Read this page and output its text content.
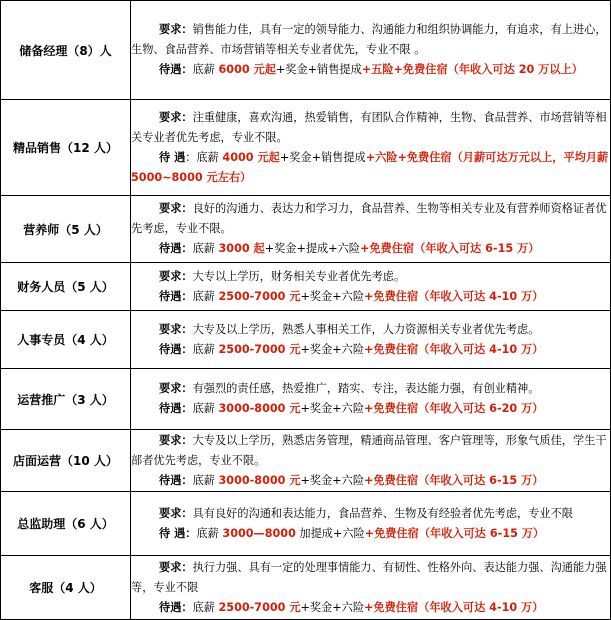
储备经理（8）人	要求：销售能力佳，具有一定的领导能力、沟通能力和组织协调能力，有追求，有上进心，生物、食品营养、市场营销等相关专业者优先，专业不限 。
待遇：底薪 6000 元起+奖金+销售提成+五险+免费住宿（年收入可达 20 万以上）

精品销售（12 人）	要求：注重健康，喜欢沟通，热爱销售，有团队合作精神，生物、食品营养、市场营销等相关专业者优先考虑，专业不限。
待 遇：底薪 4000 元起+奖金+销售提成+六险+免费住宿（月薪可达万元以上，平均月薪 5000~8000 元左右）

营养师（5 人）	要求：良好的沟通力、表达力和学习力，食品营养、生物等相关专业及有营养师资格证者优先考虑，专业不限。
待遇：底薪 3000 起+奖金+提成+六险+免费住宿（年收入可达 6-15 万）

财务人员（5 人）	要求：大专以上学历，财务相关专业者优先考虑。
待遇：底薪 2500-7000 元+奖金+六险+免费住宿（年收入可达 4-10 万）

人事专员（4 人）	要求：大专及以上学历，熟悉人事相关工作，人力资源相关专业者优先考虑。
待遇：底薪 2500-7000 元+奖金+六险+免费住宿（年收入可达 4-10 万）

运营推广（3 人）	要求：有强烈的责任感，热爱推广，踏实、专注，表达能力强，有创业精神。
待遇：底薪 3000-8000 元+奖金+六险+免费住宿（年收入可达 6-20 万）

店面运营（10 人）	要求：大专及以上学历，熟悉店务管理，精通商品管理、客户管理等，形象气质佳，学生干部者优先考虑，专业不限。
待遇：底薪 3000-8000 元+奖金+六险+免费住宿（年收入可达 6-15 万）

总监助理（6 人）	要求：具有良好的沟通和表达能力，食品营养、生物及有经验者优先考虑，专业不限
待 遇：底薪 3000—8000 加提成+六险+免费住宿（年收入可达 6-15 万）

客服（4 人）	要求：执行力强、具有一定的处理事情能力、有韧性、性格外向、表达能力强、沟通能力强等，专业不限
待遇：底薪 2500-7000 元+奖金+六险+免费住宿（年收入可达 4-10 万）
